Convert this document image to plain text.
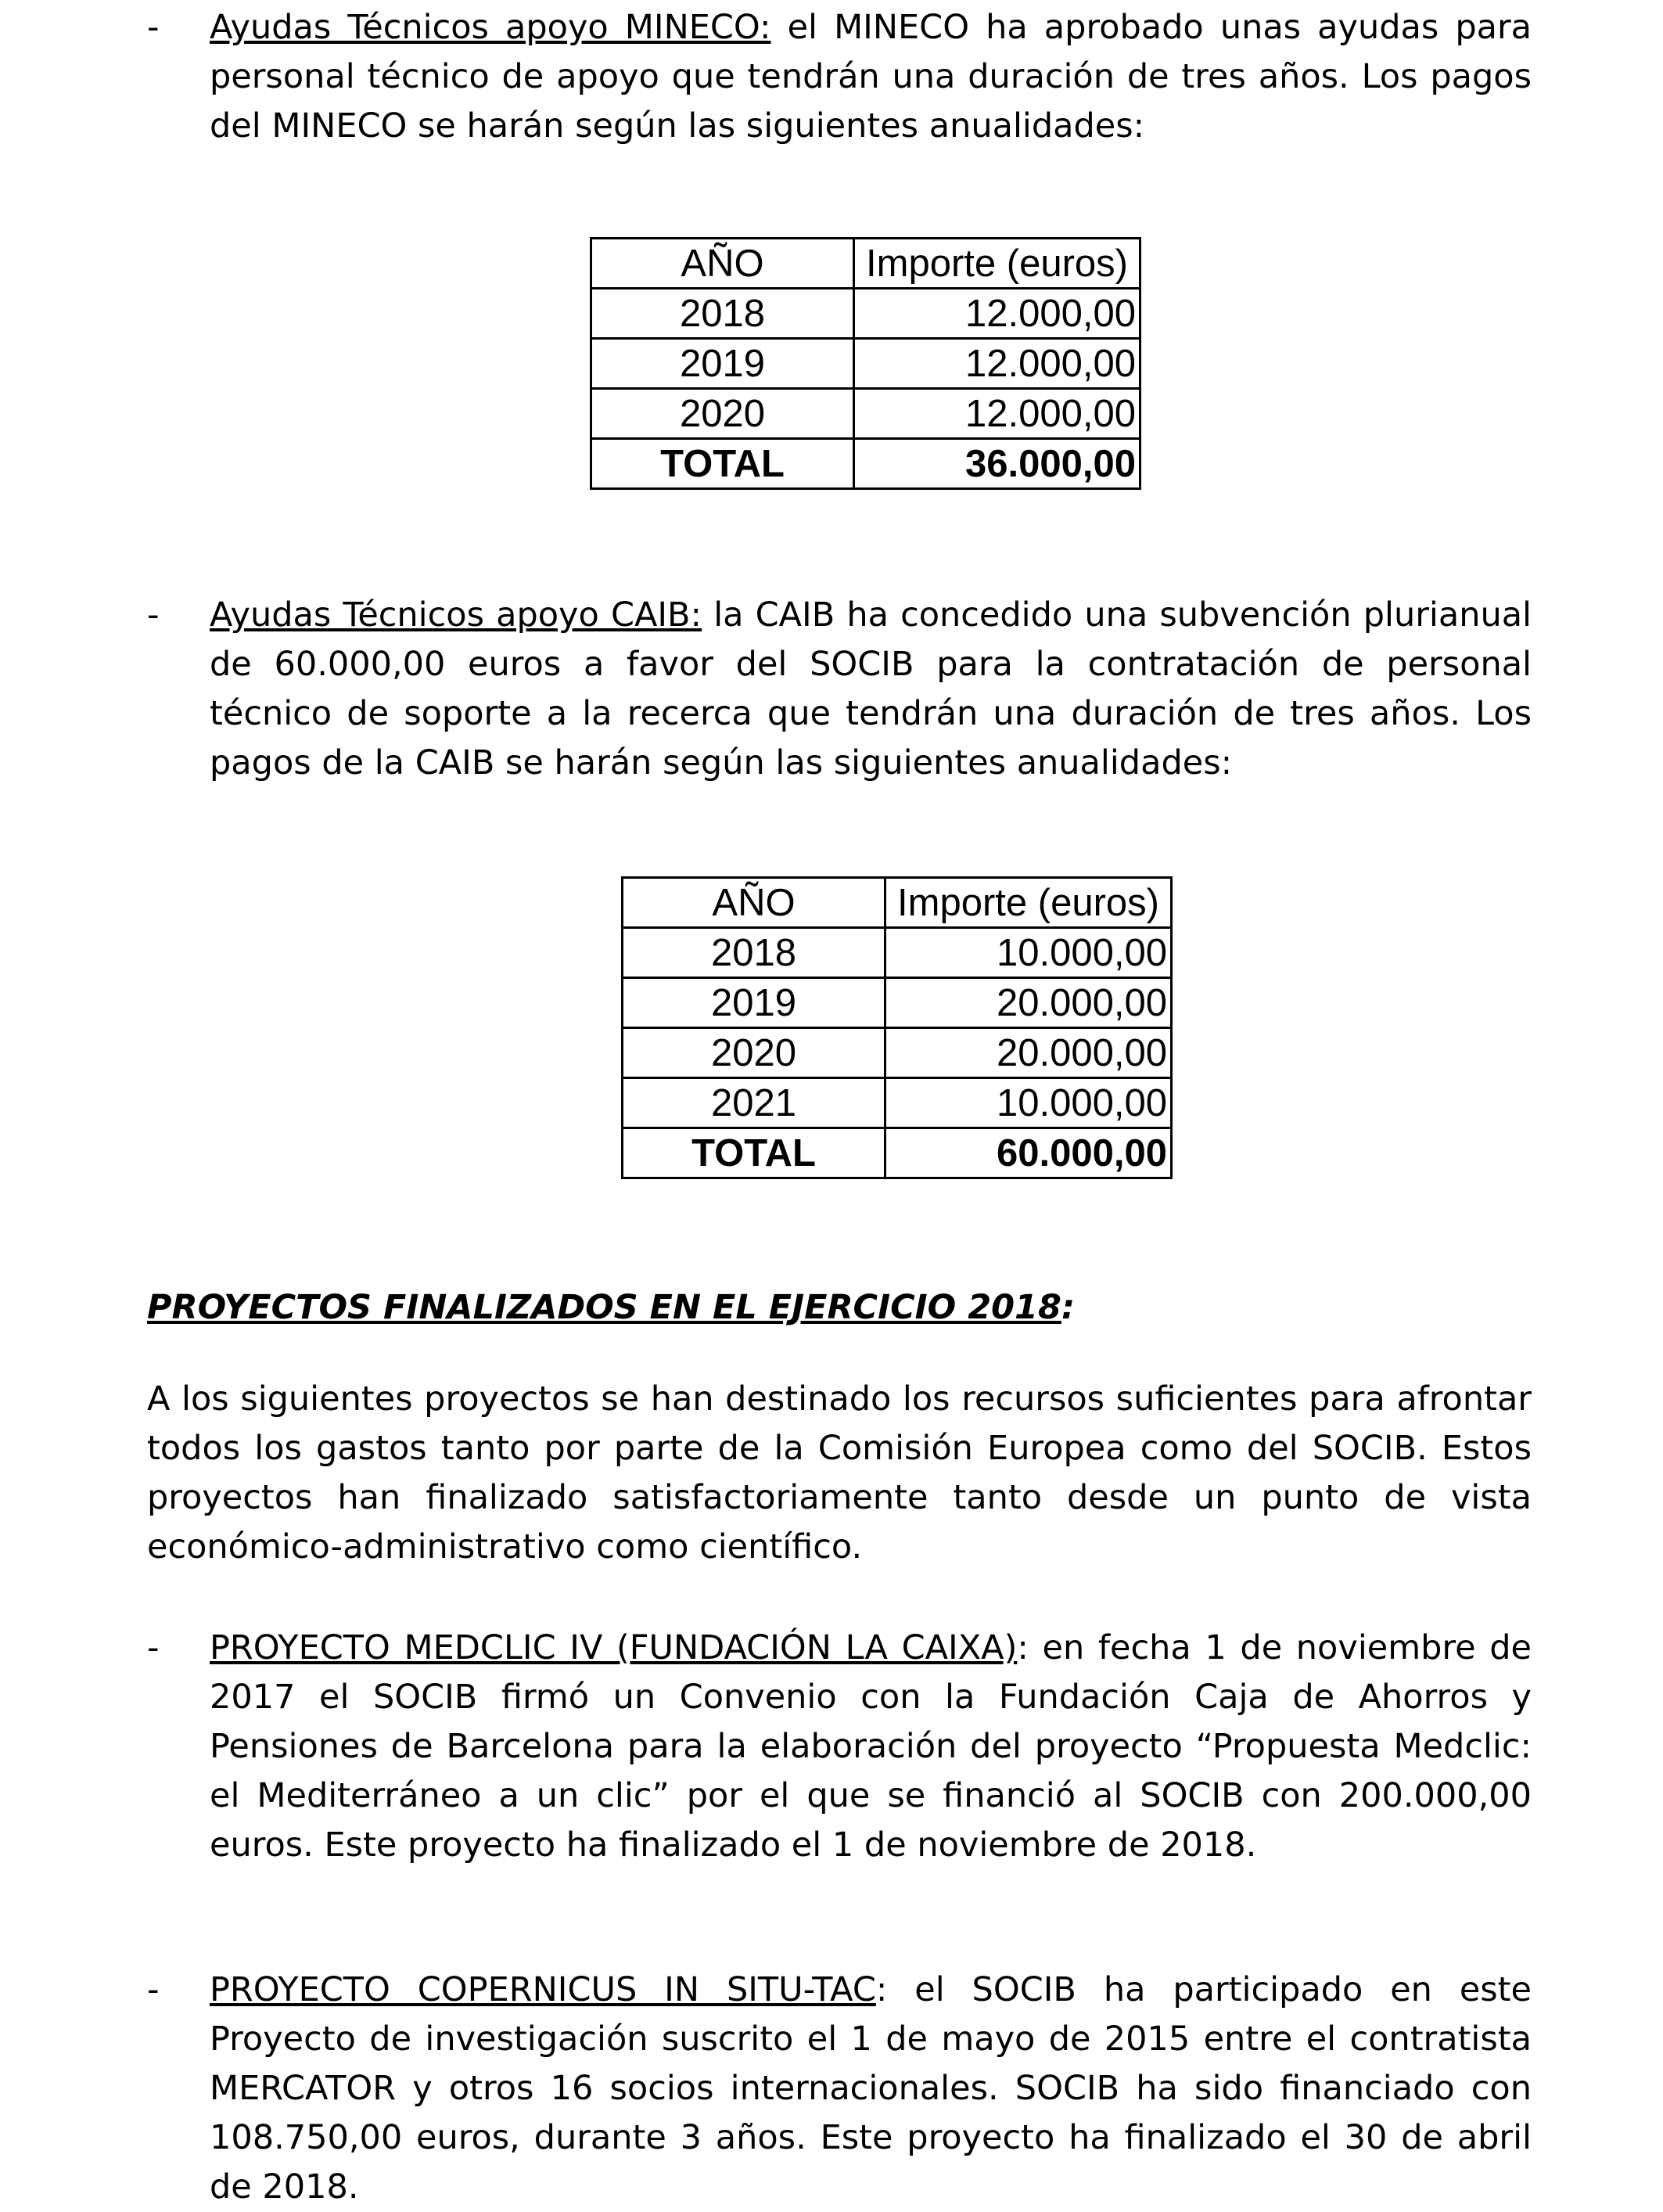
- Ayudas Técnicos apoyo MINECO: el MINECO ha aprobado unas ayudas para personal técnico de apoyo que tendrán una duración de tres años. Los pagos del MINECO se harán según las siguientes anualidades:

AÑO	Importe (euros)
2018	12.000,00
2019	12.000,00
2020	12.000,00
TOTAL	36.000,00
- Ayudas Técnicos apoyo CAIB: la CAIB ha concedido una subvención plurianual de 60.000,00 euros a favor del SOCIB para la contratación de personal técnico de soporte a la recerca que tendrán una duración de tres años. Los pagos de la CAIB se harán según las siguientes anualidades:

AÑO	Importe (euros)
2018	10.000,00
2019	20.000,00
2020	20.000,00
2021	10.000,00
TOTAL	60.000,00

PROYECTOS FINALIZADOS EN EL EJERCICIO 2018:

A los siguientes proyectos se han destinado los recursos suficientes para afrontar todos los gastos tanto por parte de la Comisión Europea como del SOCIB. Estos proyectos han finalizado satisfactoriamente tanto desde un punto de vista económico-administrativo como científico.

- PROYECTO MEDCLIC IV (FUNDACIÓN LA CAIXA): en fecha 1 de noviembre de 2017 el SOCIB firmó un Convenio con la Fundación Caja de Ahorros y Pensiones de Barcelona para la elaboración del proyecto “Propuesta Medclic: el Mediterráneo a un clic” por el que se financió al SOCIB con 200.000,00 euros. Este proyecto ha finalizado el 1 de noviembre de 2018.

- PROYECTO COPERNICUS IN SITU-TAC: el SOCIB ha participado en este Proyecto de investigación suscrito el 1 de mayo de 2015 entre el contratista MERCATOR y otros 16 socios internacionales. SOCIB ha sido financiado con 108.750,00 euros, durante 3 años. Este proyecto ha finalizado el 30 de abril de 2018.
